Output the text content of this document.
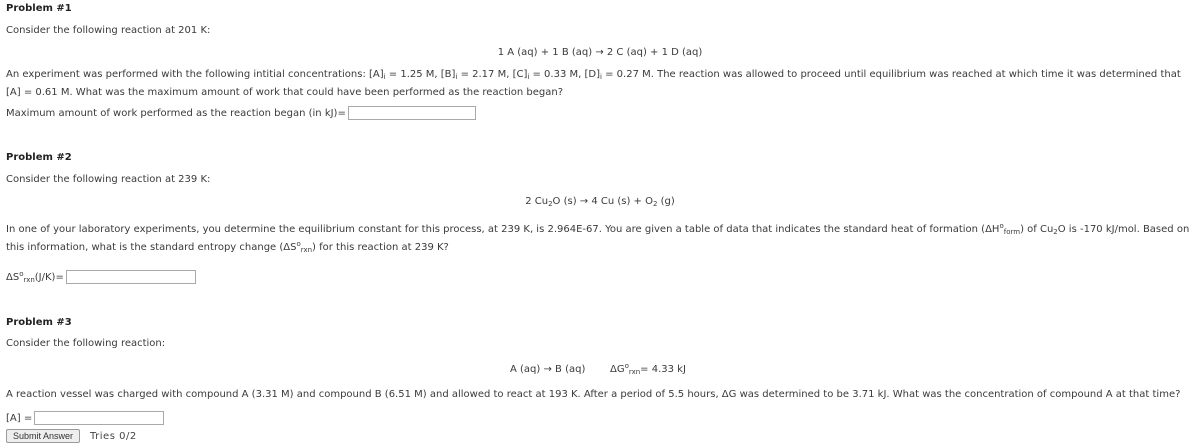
Problem #1
Consider the following reaction at 201 K:
1 A (aq) + 1 B (aq) → 2 C (aq) + 1 D (aq)
An experiment was performed with the following intitial concentrations: $[A]_i = 1.25$ M, $[B]_i = 2.17$ M, $[C]_i = 0.33$ M, $[D]_i = 0.27$ M. The reaction was allowed to proceed until equilibrium was reached at which time it was determined that [A] = 0.61 M. What was the maximum amount of work that could have been performed as the reaction began?
Maximum amount of work performed as the reaction began (in kJ)=
Problem #2
Consider the following reaction at 239 K:
2 $Cu_2O$ (s) → 4 Cu $(s) + O_2$ (g)
In one of your laboratory experiments, you determine the equilibrium constant for this process, at 239 K, is 2.964E-67. You are given a table of data that indicates the standard heat of formation $(\Delta H^o_{form})$ of $Cu_2O$ is -170 kJ/mol. Based on this information, what is the standard entropy change $(\Delta S^o_{rxn})$ for this reaction at 239 K?
$\Delta S^o_{rxn}(J/K)=$
Problem #3
Consider the following reaction:
A (aq) → B (aq) $\Delta G^o_{rxn}= 4.33$ kJ
A reaction vessel was charged with compound A (3.31 M) and compound B (6.51 M) and allowed to react at 193 K. After a period of 5.5 hours, ΔG was determined to be 3.71 kJ. What was the concentration of compound A at that time?
[A] =
Submit Answer	Tries 0/2
